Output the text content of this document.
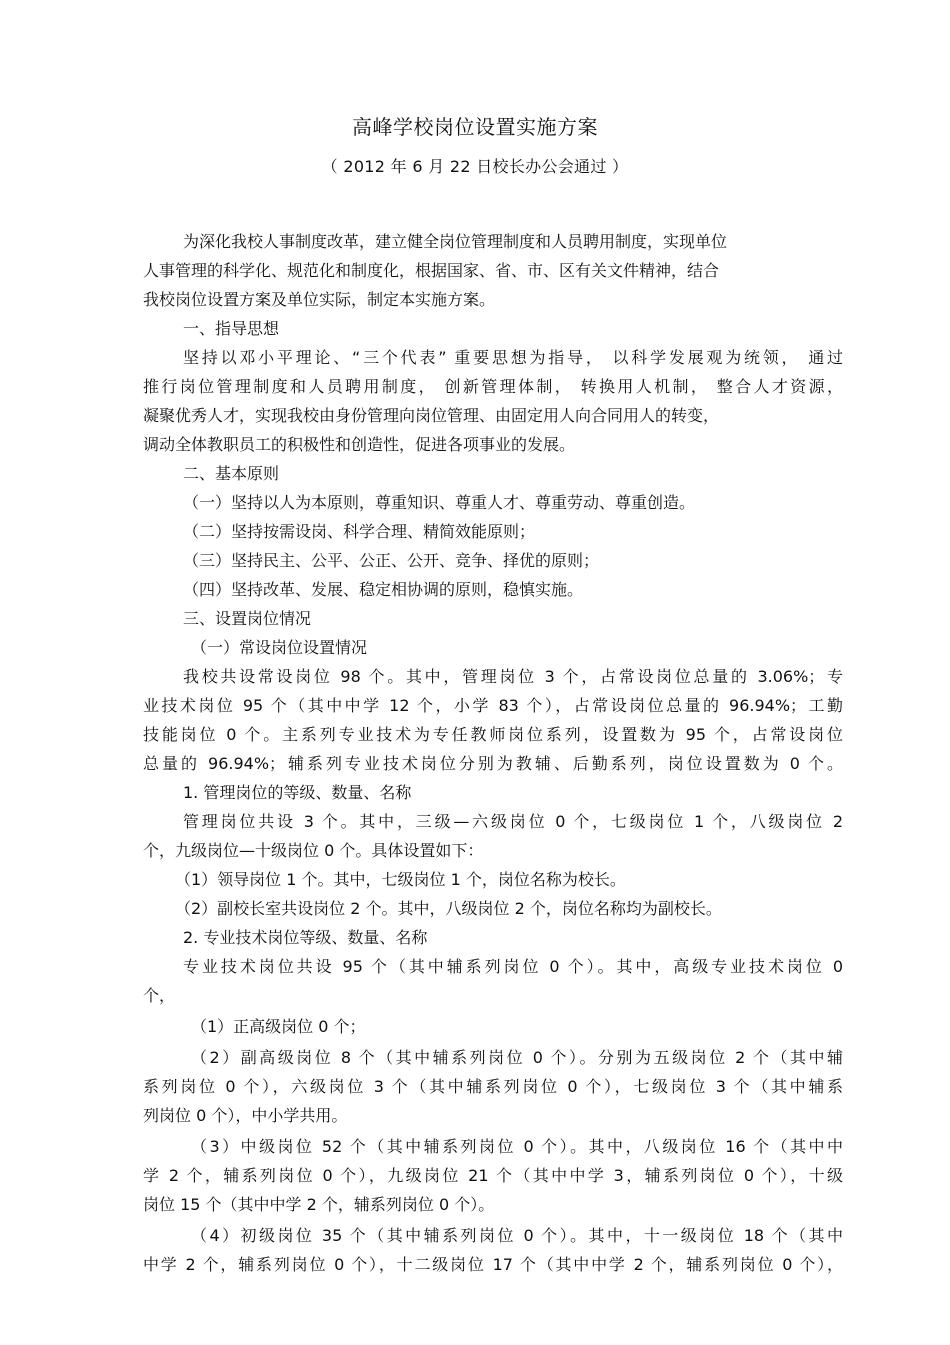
高峰学校岗位设置实施方案
（ 2012 年 6 月 22 日校长办公会通过 ）
为深化我校人事制度改革，建立健全岗位管理制度和人员聘用制度，实现单位
人事管理的科学化、规范化和制度化，根据国家、省、市、区有关文件精神，结合
我校岗位设置方案及单位实际，制定本实施方案。
一、指导思想
坚持以邓小平理论、“三个代表” 重要思想为指导， 以科学发展观为统领， 通过
推行岗位管理制度和人员聘用制度， 创新管理体制， 转换用人机制， 整合人才资源，
凝聚优秀人才，实现我校由身份管理向岗位管理、由固定用人向合同用人的转变，
调动全体教职员工的积极性和创造性，促进各项事业的发展。
二、基本原则
（一）坚持以人为本原则，尊重知识、尊重人才、尊重劳动、尊重创造。
（二）坚持按需设岗、科学合理、精简效能原则；
（三）坚持民主、公平、公正、公开、竞争、择优的原则；
（四）坚持改革、发展、稳定相协调的原则，稳慎实施。
三、设置岗位情况
（一）常设岗位设置情况
我校共设常设岗位 98 个。其中，管理岗位 3 个，占常设岗位总量的 3.06%；专
业技术岗位 95 个（其中中学 12 个，小学 83 个），占常设岗位总量的 96.94%；工勤
技能岗位 0 个。主系列专业技术为专任教师岗位系列，设置数为 95 个，占常设岗位
总量的 96.94%；辅系列专业技术岗位分别为教辅、后勤系列，岗位设置数为 0 个。
1. 管理岗位的等级、数量、名称
管理岗位共设 3 个。其中，三级—六级岗位 0 个，七级岗位 1 个，八级岗位 2
个，九级岗位—十级岗位 0 个。具体设置如下：
（1）领导岗位 1 个。其中，七级岗位 1 个，岗位名称为校长。
（2）副校长室共设岗位 2 个。其中，八级岗位 2 个，岗位名称均为副校长。
2. 专业技术岗位等级、数量、名称
专业技术岗位共设 95 个（其中辅系列岗位 0 个）。其中，高级专业技术岗位 0
个，
（1）正高级岗位 0 个；
（2）副高级岗位 8 个（其中辅系列岗位 0 个）。分别为五级岗位 2 个（其中辅
系列岗位 0 个），六级岗位 3 个（其中辅系列岗位 0 个），七级岗位 3 个（其中辅系
列岗位 0 个），中小学共用。
（3）中级岗位 52 个（其中辅系列岗位 0 个）。其中，八级岗位 16 个（其中中
学 2 个，辅系列岗位 0 个），九级岗位 21 个（其中中学 3，辅系列岗位 0 个），十级
岗位 15 个（其中中学 2 个，辅系列岗位 0 个）。
（4）初级岗位 35 个（其中辅系列岗位 0 个）。其中，十一级岗位 18 个（其中
中学 2 个，辅系列岗位 0 个），十二级岗位 17 个（其中中学 2 个，辅系列岗位 0 个），
